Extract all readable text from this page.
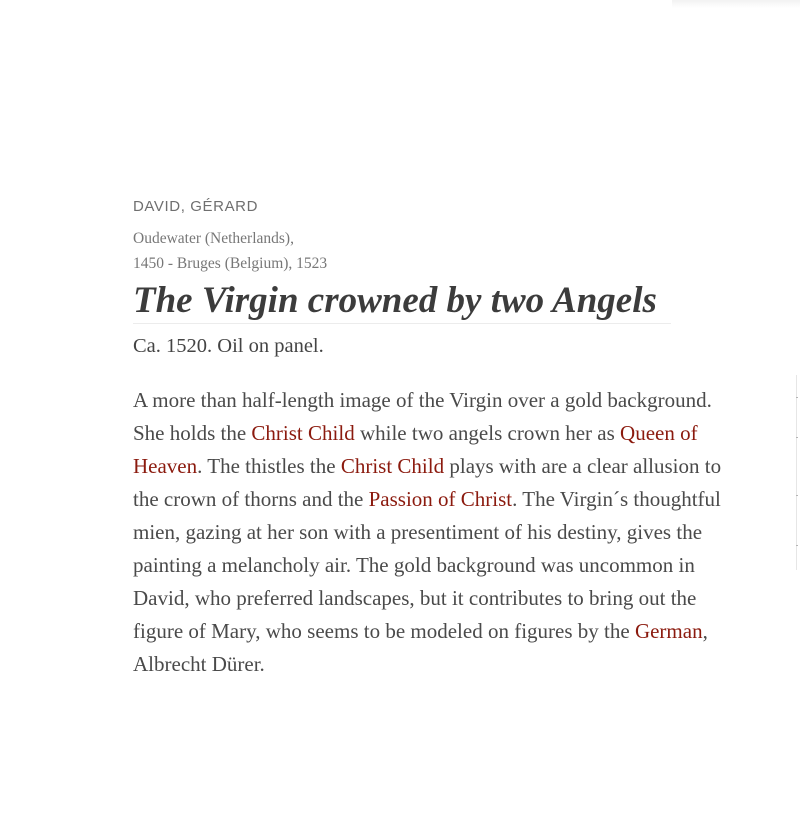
DAVID, GÉRARD

Oudewater (Netherlands),
1450 - Bruges (Belgium), 1523

The Virgin crowned by two Angels

Ca. 1520. Oil on panel.

A more than half-length image of the Virgin over a gold background. She holds the Christ Child while two angels crown her as Queen of Heaven. The thistles the Christ Child plays with are a clear allusion to the crown of thorns and the Passion of Christ. The Virgin´s thoughtful mien, gazing at her son with a presentiment of his destiny, gives the painting a melancholy air. The gold background was uncommon in David, who preferred landscapes, but it contributes to bring out the figure of Mary, who seems to be modeled on figures by the German, Albrecht Dürer.
